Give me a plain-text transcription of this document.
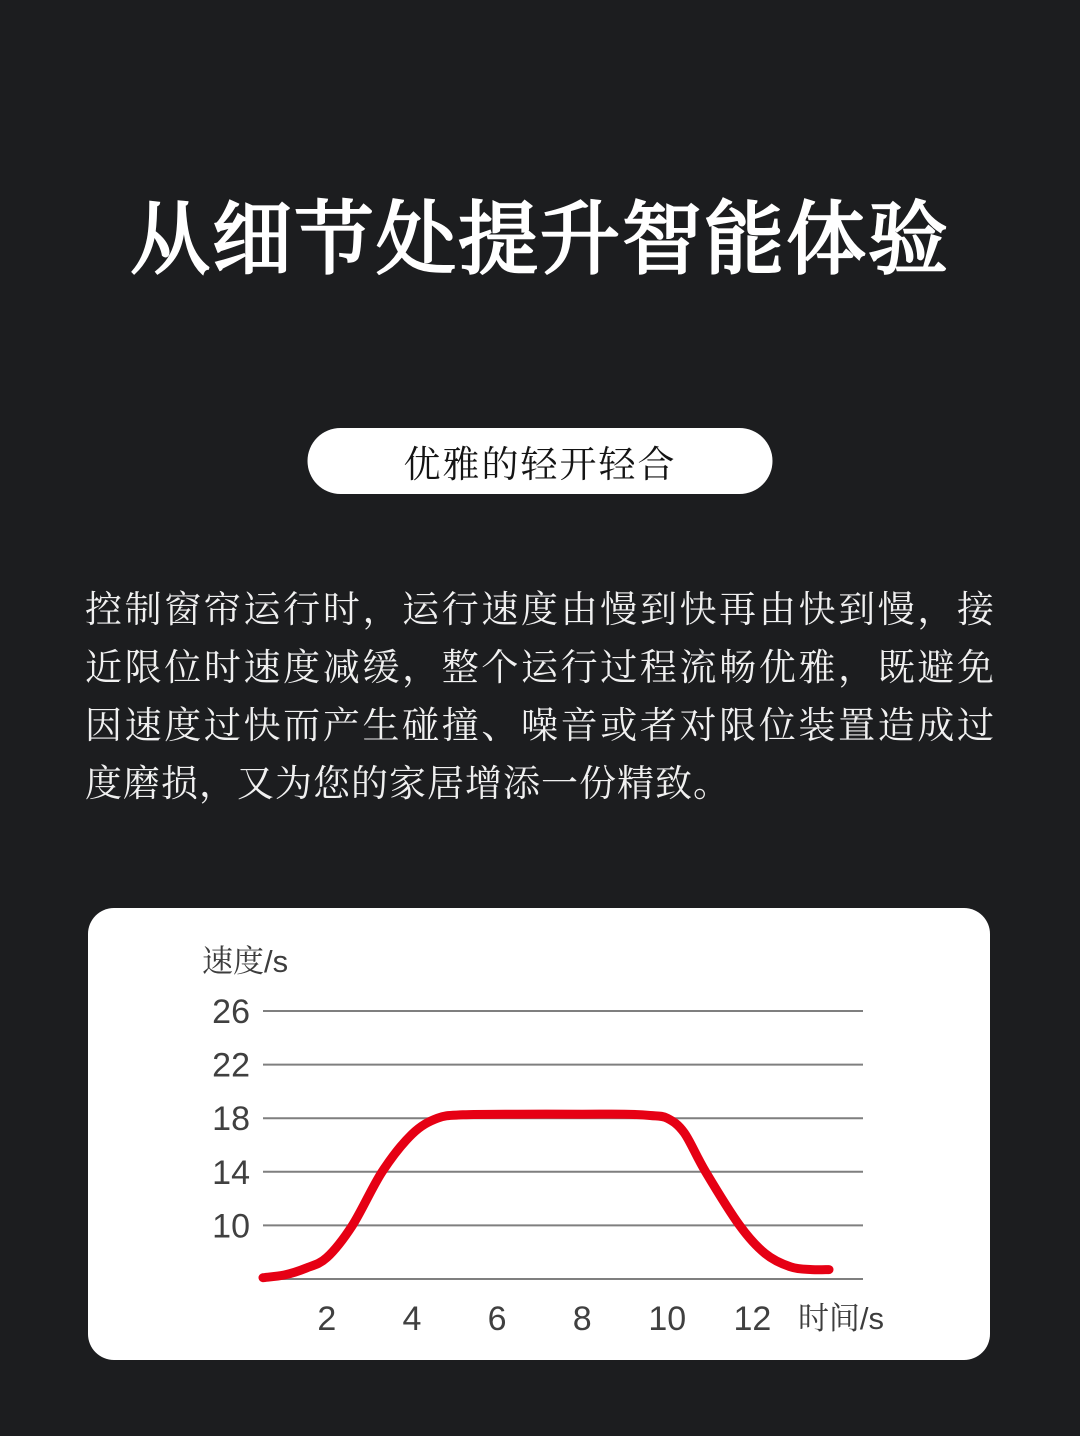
从细节处提升智能体验
优雅的轻开轻合
控制窗帘运行时，运行速度由慢到快再由快到慢，接近限位时速度减缓，整个运行过程流畅优雅，既避免因速度过快而产生碰撞、噪音或者对限位装置造成过度磨损，又为您的家居增添一份精致。
10
14
18
22
26
2 4 6 8 10 12
速度/s
时间/s
